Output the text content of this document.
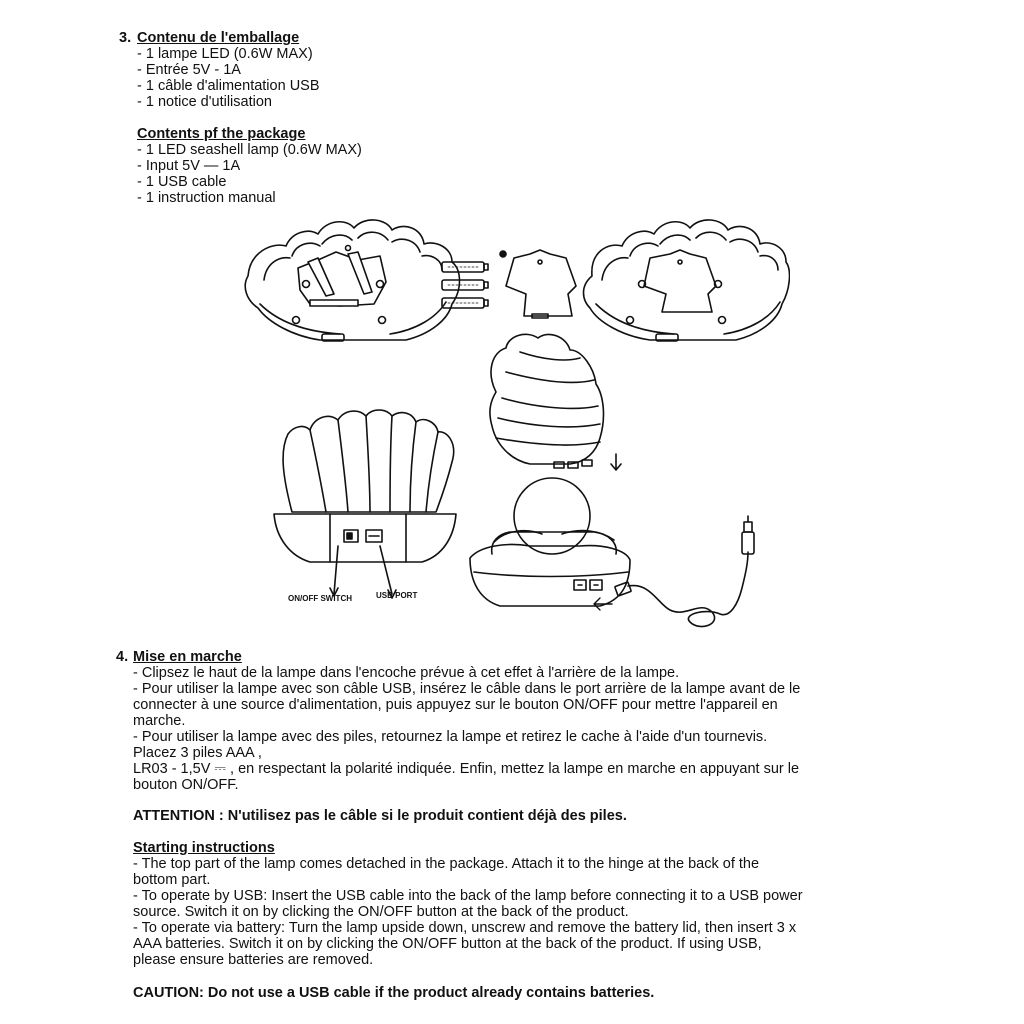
3. Contenu de l'emballage
- 1 lampe LED (0.6W MAX)
- Entrée 5V - 1A
- 1 câble d'alimentation USB
- 1 notice d'utilisation
Contents pf the package
- 1 LED seashell lamp (0.6W MAX)
- Input 5V — 1A
- 1 USB cable
- 1 instruction manual
ON/OFF SWITCH	USB PORT
4. Mise en marche
- Clipsez le haut de la lampe dans l'encoche prévue à cet effet à l'arrière de la lampe.
- Pour utiliser la lampe avec son câble USB, insérez le câble dans le port arrière de la lampe avant de le
connecter à une source d'alimentation, puis appuyez sur le bouton ON/OFF pour mettre l'appareil en
marche.
- Pour utiliser la lampe avec des piles, retournez la lampe et retirez le cache à l'aide d'un tournevis.
Placez 3 piles AAA ,
LR03 - 1,5V ⎓ , en respectant la polarité indiquée. Enfin, mettez la lampe en marche en appuyant sur le
bouton ON/OFF.
ATTENTION : N'utilisez pas le câble si le produit contient déjà des piles.
Starting instructions
- The top part of the lamp comes detached in the package. Attach it to the hinge at the back of the
bottom part.
- To operate by USB: Insert the USB cable into the back of the lamp before connecting it to a USB power
source. Switch it on by clicking the ON/OFF button at the back of the product.
- To operate via battery: Turn the lamp upside down, unscrew and remove the battery lid, then insert 3 x
AAA batteries. Switch it on by clicking the ON/OFF button at the back of the product. If using USB,
please ensure batteries are removed.
CAUTION: Do not use a USB cable if the product already contains batteries.
